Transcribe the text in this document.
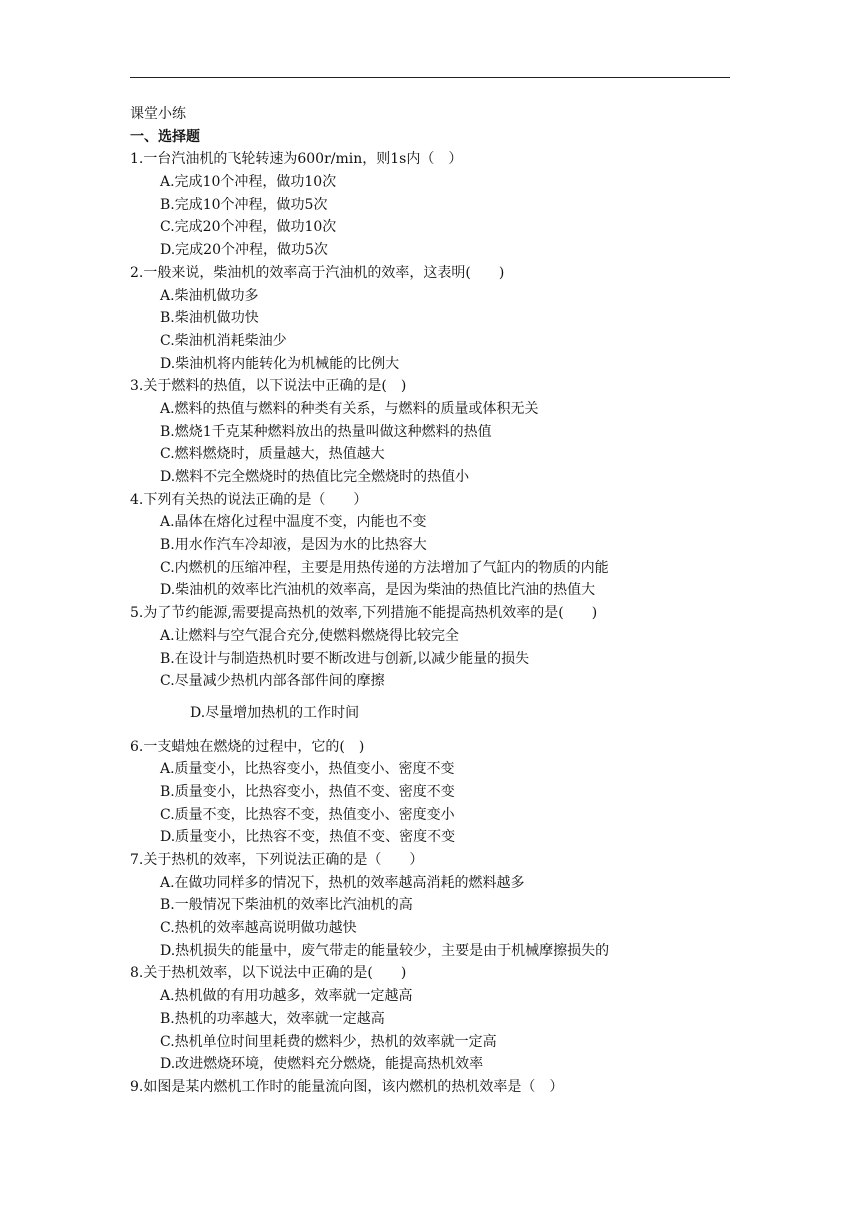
课堂小练
一、选择题
1.一台汽油机的飞轮转速为600r/min，则1s内（　）
A.完成10个冲程，做功10次
B.完成10个冲程，做功5次
C.完成20个冲程，做功10次
D.完成20个冲程，做功5次
2.一般来说，柴油机的效率高于汽油机的效率，这表明(　　)
A.柴油机做功多
B.柴油机做功快
C.柴油机消耗柴油少
D.柴油机将内能转化为机械能的比例大
3.关于燃料的热值，以下说法中正确的是(　)
A.燃料的热值与燃料的种类有关系，与燃料的质量或体积无关
B.燃烧1千克某种燃料放出的热量叫做这种燃料的热值
C.燃料燃烧时，质量越大，热值越大
D.燃料不完全燃烧时的热值比完全燃烧时的热值小
4.下列有关热的说法正确的是（　　）
A.晶体在熔化过程中温度不变，内能也不变
B.用水作汽车冷却液，是因为水的比热容大
C.内燃机的压缩冲程，主要是用热传递的方法增加了气缸内的物质的内能
D.柴油机的效率比汽油机的效率高，是因为柴油的热值比汽油的热值大
5.为了节约能源,需要提高热机的效率,下列措施不能提高热机效率的是(　　)
A.让燃料与空气混合充分,使燃料燃烧得比较完全
B.在设计与制造热机时要不断改进与创新,以减少能量的损失
C.尽量减少热机内部各部件间的摩擦
D.尽量增加热机的工作时间
6.一支蜡烛在燃烧的过程中，它的(　)
A.质量变小，比热容变小，热值变小、密度不变
B.质量变小，比热容变小，热值不变、密度不变
C.质量不变，比热容不变，热值变小、密度变小
D.质量变小，比热容不变，热值不变、密度不变
7.关于热机的效率，下列说法正确的是（　　）
A.在做功同样多的情况下，热机的效率越高消耗的燃料越多
B.一般情况下柴油机的效率比汽油机的高
C.热机的效率越高说明做功越快
D.热机损失的能量中，废气带走的能量较少，主要是由于机械摩擦损失的
8.关于热机效率，以下说法中正确的是(　　)
A.热机做的有用功越多，效率就一定越高
B.热机的功率越大，效率就一定越高
C.热机单位时间里耗费的燃料少，热机的效率就一定高
D.改进燃烧环境，使燃料充分燃烧，能提高热机效率
9.如图是某内燃机工作时的能量流向图，该内燃机的热机效率是（　）
